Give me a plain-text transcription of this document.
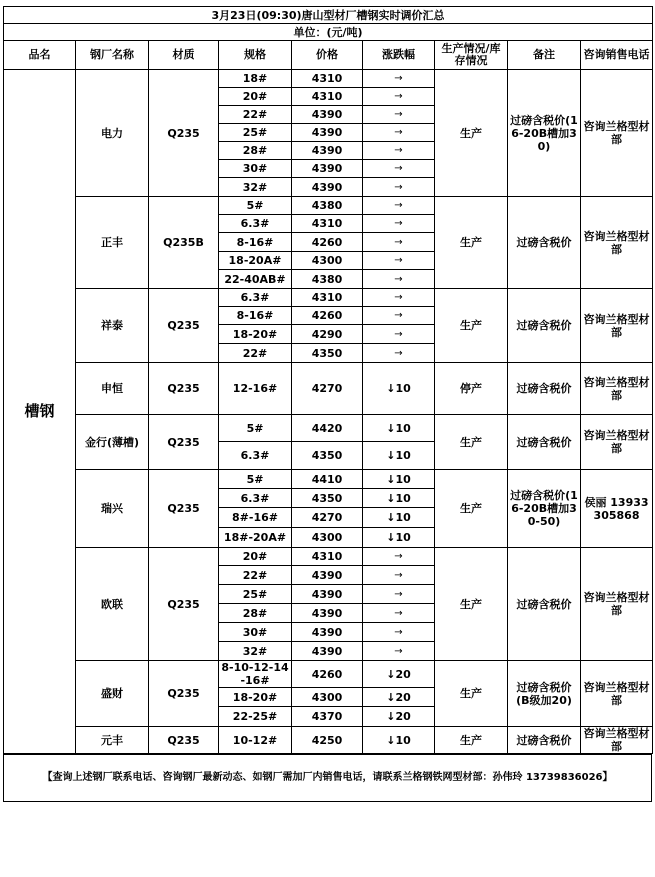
3月23日(09:30)唐山型材厂槽钢实时调价汇总								
单位：(元/吨)								
品名	钢厂名称	材质	规格	价格	涨跌幅	生产情况/库存情况	备注	咨询销售电话
槽钢	电力	Q235	18#	4310	→	生产	过磅含税价(16-20B槽加30)	咨询兰格型材部
			20#	4310	→			
			22#	4390	→			
			25#	4390	→			
			28#	4390	→			
			30#	4390	→			
			32#	4390	→			
	正丰	Q235B	5#	4380	→	生产	过磅含税价	咨询兰格型材部
			6.3#	4310	→			
			8-16#	4260	→			
			18-20A#	4300	→			
			22-40AB#	4380	→			
	祥泰	Q235	6.3#	4310	→	生产	过磅含税价	咨询兰格型材部
			8-16#	4260	→			
			18-20#	4290	→			
			22#	4350	→			
	申恒	Q235	12-16#	4270	↓10	停产	过磅含税价	咨询兰格型材部
	金行(薄槽)	Q235	5#	4420	↓10	生产	过磅含税价	咨询兰格型材部
			6.3#	4350	↓10			
	瑞兴	Q235	5#	4410	↓10	生产	过磅含税价(16-20B槽加30-50)	侯丽 13933305868
			6.3#	4350	↓10			
			8#-16#	4270	↓10			
			18#-20A#	4300	↓10			
	欧联	Q235	20#	4310	→	生产	过磅含税价	咨询兰格型材部
			22#	4390	→			
			25#	4390	→			
			28#	4390	→			
			30#	4390	→			
			32#	4390	→			
	盛财	Q235	8-10-12-14-16#	4260	↓20	生产	过磅含税价(B级加20)	咨询兰格型材部
			18-20#	4300	↓20			
			22-25#	4370	↓20			
	元丰	Q235	10-12#	4250	↓10	生产	过磅含税价	咨询兰格型材部
【查询上述钢厂联系电话、咨询钢厂最新动态、如钢厂需加厂内销售电话，请联系兰格钢铁网型材部：孙伟玲 13739836026】
